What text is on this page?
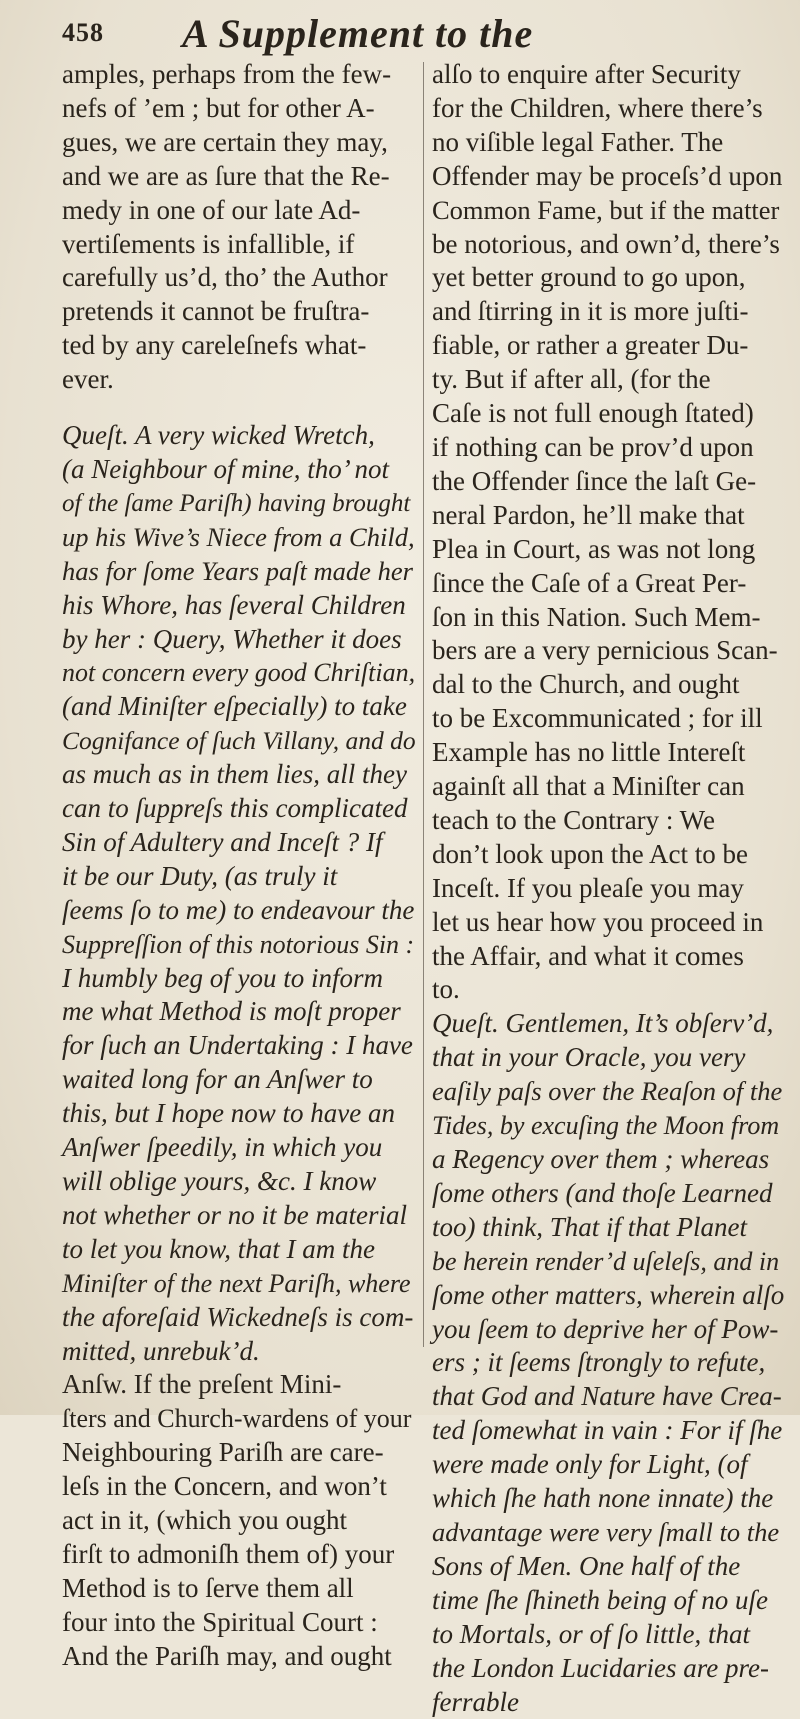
458 A Supplement to the
amples, perhaps from the few-
nefs of ’em ; but for other A-
gues, we are certain they may,
and we are as ſure that the Re-
medy in one of our late Ad-
vertiſements is infallible, if
carefully us’d, tho’ the Author
pretends it cannot be fruſtra-
ted by any careleſnefs what-
ever.
Queſt. A very wicked Wretch,
(a Neighbour of mine, tho’ not
of the ſame Pariſh) having brought
up his Wive’s Niece from a Child,
has for ſome Years paſt made her
his Whore, has ſeveral Children
by her : Query, Whether it does
not concern every good Chriſtian,
(and Miniſter eſpecially) to take
Cognifance of ſuch Villany, and do
as much as in them lies, all they
can to ſuppreſs this complicated
Sin of Adultery and Inceſt ? If
it be our Duty, (as truly it
ſeems ſo to me) to endeavour the
Suppreſſion of this notorious Sin :
I humbly beg of you to inform
me what Method is moſt proper
for ſuch an Undertaking : I have
waited long for an Anſwer to
this, but I hope now to have an
Anſwer ſpeedily, in which you
will oblige yours, &c. I know
not whether or no it be material
to let you know, that I am the
Miniſter of the next Pariſh, where
the aforeſaid Wickedneſs is com-
mitted, unrebuk’d.
Anſw. If the preſent Mini-
ſters and Church-wardens of your
Neighbouring Pariſh are care-
leſs in the Concern, and won’t
act in it, (which you ought
firſt to admoniſh them of) your
Method is to ſerve them all
four into the Spiritual Court :
And the Pariſh may, and ought
alſo to enquire after Security
for the Children, where there’s
no viſible legal Father. The
Offender may be proceſs’d upon
Common Fame, but if the matter
be notorious, and own’d, there’s
yet better ground to go upon,
and ſtirring in it is more juſti-
fiable, or rather a greater Du-
ty. But if after all, (for the
Caſe is not full enough ſtated)
if nothing can be prov’d upon
the Offender ſince the laſt Ge-
neral Pardon, he’ll make that
Plea in Court, as was not long
ſince the Caſe of a Great Per-
ſon in this Nation. Such Mem-
bers are a very pernicious Scan-
dal to the Church, and ought
to be Excommunicated ; for ill
Example has no little Intereſt
againſt all that a Miniſter can
teach to the Contrary : We
don’t look upon the Act to be
Inceſt. If you pleaſe you may
let us hear how you proceed in
the Affair, and what it comes
to.
Queſt. Gentlemen, It’s obſerv’d,
that in your Oracle, you very
eaſily paſs over the Reaſon of the
Tides, by excuſing the Moon from
a Regency over them ; whereas
ſome others (and thoſe Learned
too) think, That if that Planet
be herein render’d uſeleſs, and in
ſome other matters, wherein alſo
you ſeem to deprive her of Pow-
ers ; it ſeems ſtrongly to refute,
that God and Nature have Crea-
ted ſomewhat in vain : For if ſhe
were made only for Light, (of
which ſhe hath none innate) the
advantage were very ſmall to the
Sons of Men. One half of the
time ſhe ſhineth being of no uſe
to Mortals, or of ſo little, that
the London Lucidaries are pre-
ferrable
